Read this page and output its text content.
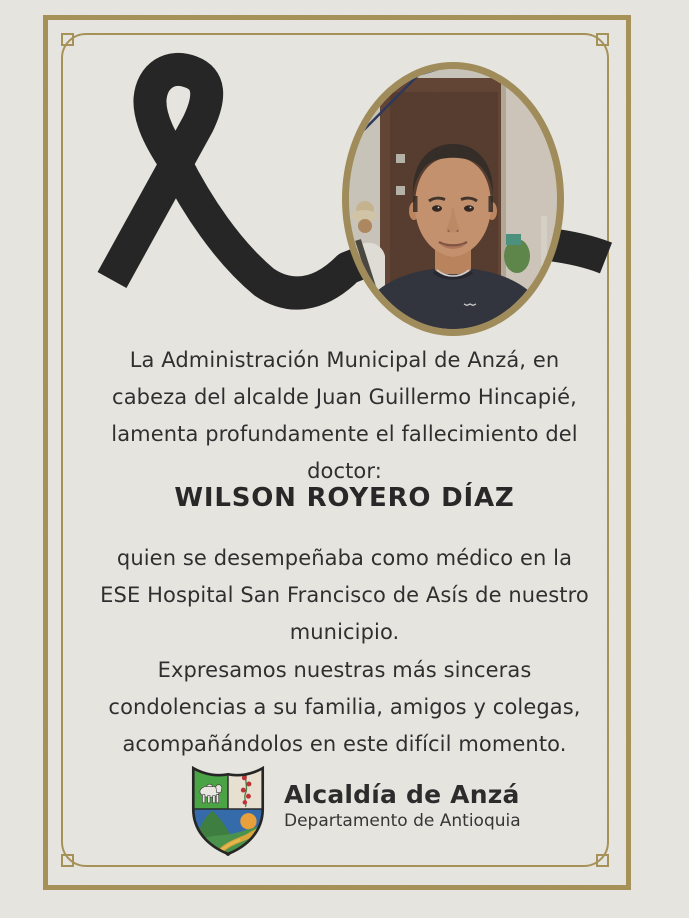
La Administración Municipal de Anzá, en
cabeza del alcalde Juan Guillermo Hincapié,
lamenta profundamente el fallecimiento del
doctor:
WILSON ROYERO DÍAZ
quien se desempeñaba como médico en la
ESE Hospital San Francisco de Asís de nuestro
municipio.
Expresamos nuestras más sinceras
condolencias a su familia, amigos y colegas,
acompañándolos en este difícil momento.
Alcaldía de Anzá
Departamento de Antioquia
